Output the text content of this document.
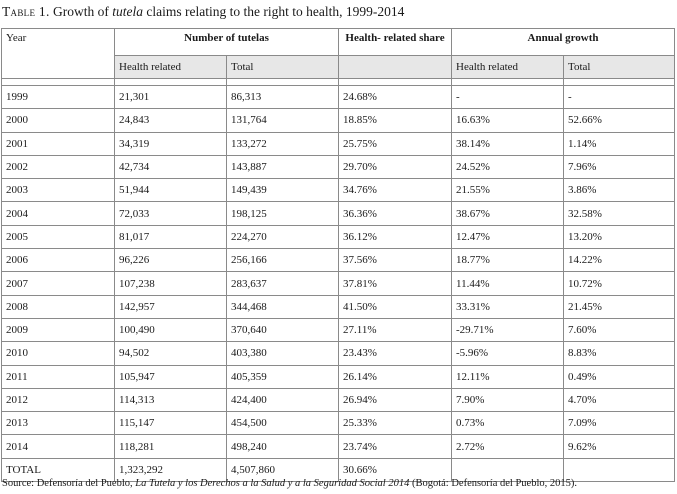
Table 1. Growth of tutela claims relating to the right to health, 1999-2014
Year	Number of tutelas		Health- related share	Annual growth	
	Health related	Total		Health related	Total

1999	21,301	86,313	24.68%	-	-
2000	24,843	131,764	18.85%	16.63%	52.66%
2001	34,319	133,272	25.75%	38.14%	1.14%
2002	42,734	143,887	29.70%	24.52%	7.96%
2003	51,944	149,439	34.76%	21.55%	3.86%
2004	72,033	198,125	36.36%	38.67%	32.58%
2005	81,017	224,270	36.12%	12.47%	13.20%
2006	96,226	256,166	37.56%	18.77%	14.22%
2007	107,238	283,637	37.81%	11.44%	10.72%
2008	142,957	344,468	41.50%	33.31%	21.45%
2009	100,490	370,640	27.11%	-29.71%	7.60%
2010	94,502	403,380	23.43%	-5.96%	8.83%
2011	105,947	405,359	26.14%	12.11%	0.49%
2012	114,313	424,400	26.94%	7.90%	4.70%
2013	115,147	454,500	25.33%	0.73%	7.09%
2014	118,281	498,240	23.74%	2.72%	9.62%
TOTAL	1,323,292	4,507,860	30.66%		
Source: Defensoría del Pueblo, La Tutela y los Derechos a la Salud y a la Seguridad Social 2014 (Bogotá: Defensoría del Pueblo, 2015).
